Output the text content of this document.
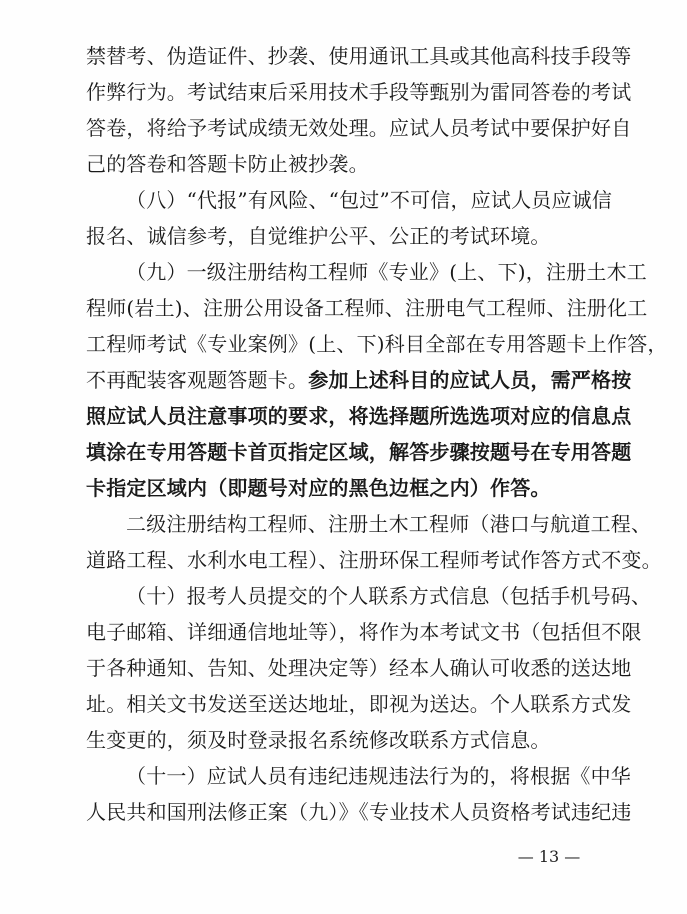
禁替考、伪造证件、抄袭、使用通讯工具或其他高科技手段等
作弊行为。考试结束后采用技术手段等甄别为雷同答卷的考试
答卷，将给予考试成绩无效处理。应试人员考试中要保护好自
己的答卷和答题卡防止被抄袭。
（八）“代报”有风险、“包过”不可信，应试人员应诚信
报名、诚信参考，自觉维护公平、公正的考试环境。
（九）一级注册结构工程师《专业》(上、下)，注册土木工
程师(岩土)、注册公用设备工程师、注册电气工程师、注册化工
工程师考试《专业案例》(上、下)科目全部在专用答题卡上作答，
不再配装客观题答题卡。参加上述科目的应试人员，需严格按
照应试人员注意事项的要求，将选择题所选选项对应的信息点
填涂在专用答题卡首页指定区域，解答步骤按题号在专用答题
卡指定区域内（即题号对应的黑色边框之内）作答。
二级注册结构工程师、注册土木工程师（港口与航道工程、
道路工程、水利水电工程）、注册环保工程师考试作答方式不变。
（十）报考人员提交的个人联系方式信息（包括手机号码、
电子邮箱、详细通信地址等），将作为本考试文书（包括但不限
于各种通知、告知、处理决定等）经本人确认可收悉的送达地
址。相关文书发送至送达地址，即视为送达。个人联系方式发
生变更的，须及时登录报名系统修改联系方式信息。
（十一）应试人员有违纪违规违法行为的，将根据《中华
人民共和国刑法修正案（九）》《专业技术人员资格考试违纪违
— 13 —
